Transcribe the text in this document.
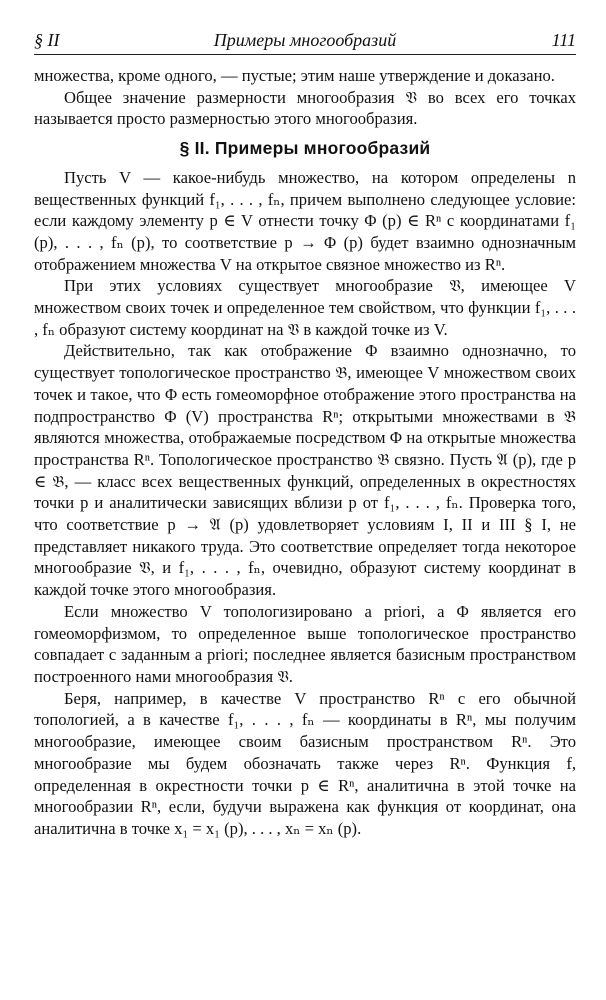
§ II	Примеры многообразий	111

множества, кроме одного, — пустые; этим наше утверждение и доказано.

Общее значение размерности многообразия 𝔙 во всех его точках называется просто размерностью этого многообразия.

§ II. Примеры многообразий

Пусть V — какое-нибудь множество, на котором определены n вещественных функций f₁, . . . , fₙ, причем выполнено следующее условие: если каждому элементу p ∈ V отнести точку Φ (p) ∈ Rⁿ с координатами f₁ (p), . . . , fₙ (p), то соответствие p → Φ (p) будет взаимно однозначным отображением множества V на открытое связное множество из Rⁿ.

При этих условиях существует многообразие 𝔙, имеющее V множеством своих точек и определенное тем свойством, что функции f₁, . . . , fₙ образуют систему координат на 𝔙 в каждой точке из V.

Действительно, так как отображение Φ взаимно однозначно, то существует топологическое пространство 𝔅, имеющее V множеством своих точек и такое, что Φ есть гомеоморфное отображение этого пространства на подпространство Φ (V) пространства Rⁿ; открытыми множествами в 𝔅 являются множества, отображаемые посредством Φ на открытые множества пространства Rⁿ. Топологическое пространство 𝔅 связно. Пусть 𝔄 (p), где p ∈ 𝔅, — класс всех вещественных функций, определенных в окрестностях точки p и аналитически зависящих вблизи p от f₁, . . . , fₙ. Проверка того, что соответствие p → 𝔄 (p) удовлетворяет условиям I, II и III § I, не представляет никакого труда. Это соответствие определяет тогда некоторое многообразие 𝔙, и f₁, . . . , fₙ, очевидно, образуют систему координат в каждой точке этого многообразия.

Если множество V топологизировано a priori, а Φ является его гомеоморфизмом, то определенное выше топологическое пространство совпадает с заданным a priori; последнее является базисным пространством построенного нами многообразия 𝔙.

Беря, например, в качестве V пространство Rⁿ с его обычной топологией, а в качестве f₁, . . . , fₙ — координаты в Rⁿ, мы получим многообразие, имеющее своим базисным пространством Rⁿ. Это многообразие мы будем обозначать также через Rⁿ. Функция f, определенная в окрестности точки p ∈ Rⁿ, аналитична в этой точке на многообразии Rⁿ, если, будучи выражена как функция от координат, она аналитична в точке x₁ = x₁ (p), . . . , xₙ = xₙ (p).
